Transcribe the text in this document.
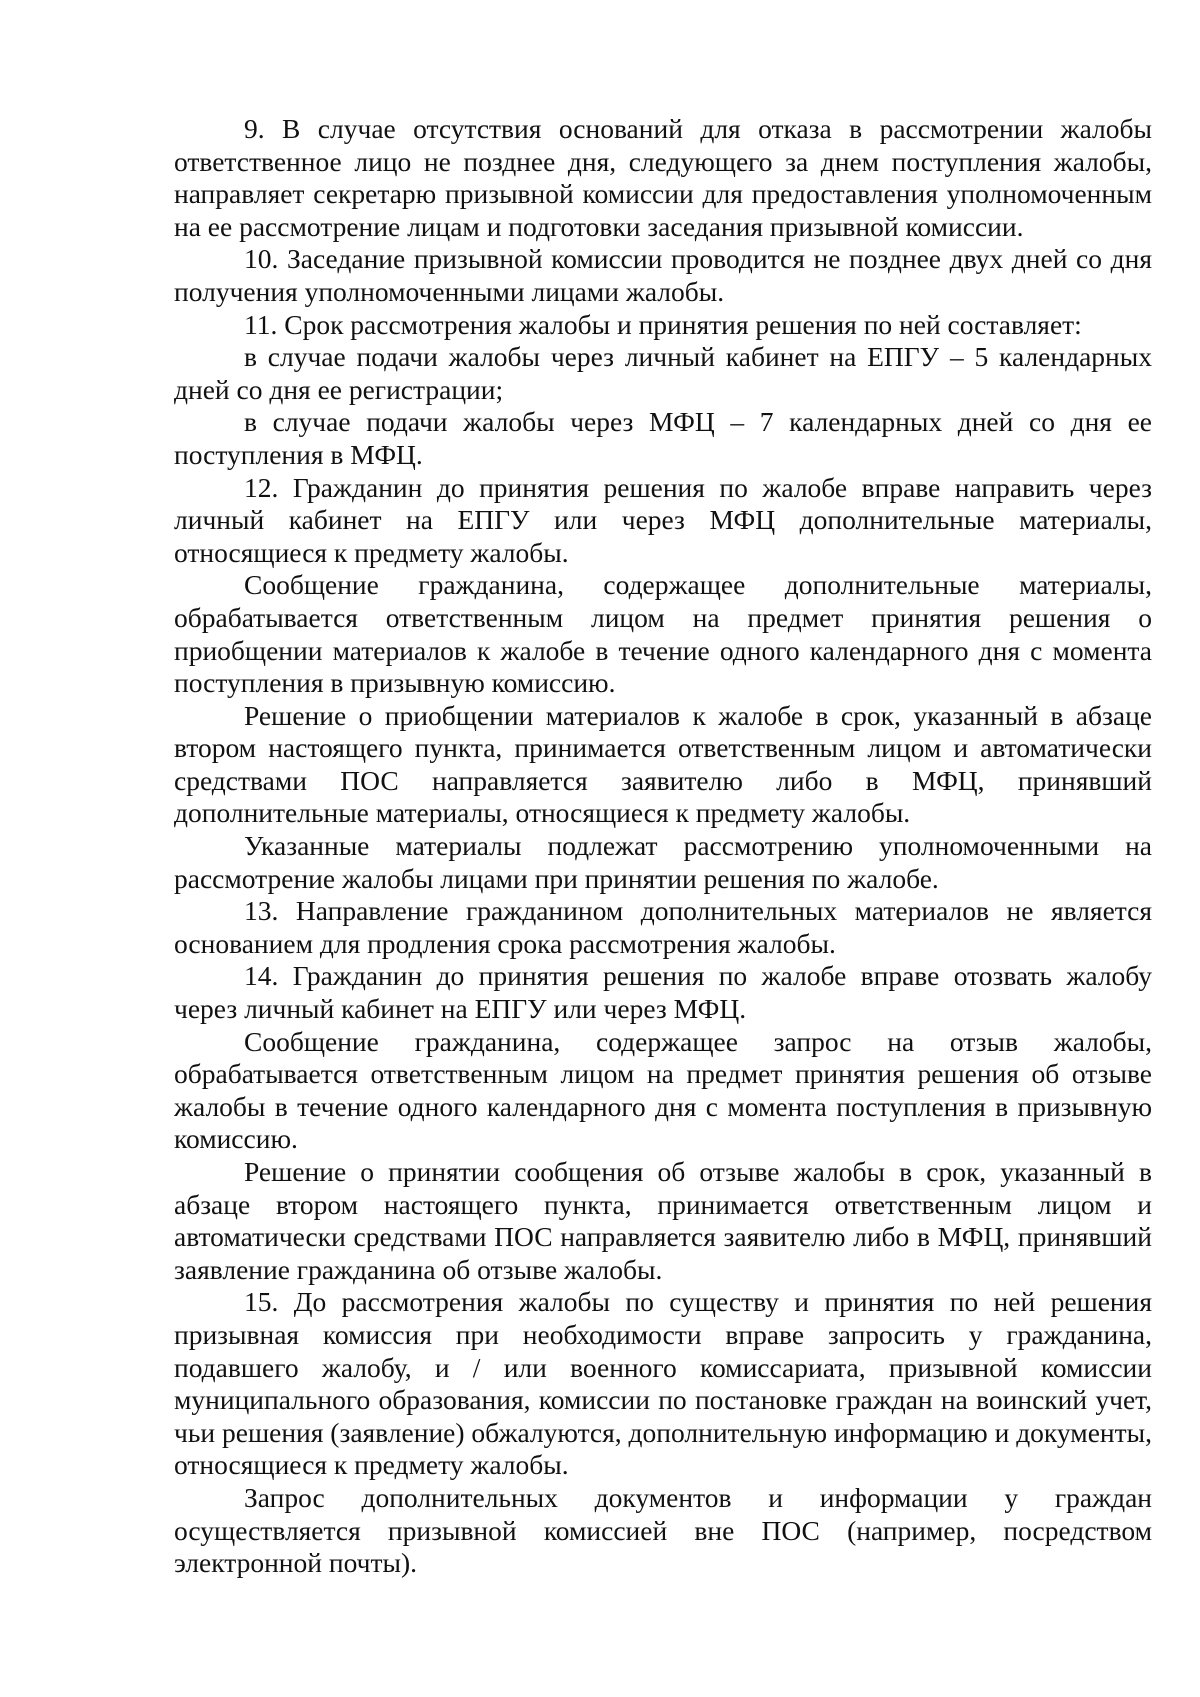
9. В случае отсутствия оснований для отказа в рассмотрении жалобы ответственное лицо не позднее дня, следующего за днем поступления жалобы, направляет секретарю призывной комиссии для предоставления уполномоченным на ее рассмотрение лицам и подготовки заседания призывной комиссии.

10. Заседание призывной комиссии проводится не позднее двух дней со дня получения уполномоченными лицами жалобы.

11. Срок рассмотрения жалобы и принятия решения по ней составляет:

в случае подачи жалобы через личный кабинет на ЕПГУ – 5 календарных дней со дня ее регистрации;

в случае подачи жалобы через МФЦ – 7 календарных дней со дня ее поступления в МФЦ.

12. Гражданин до принятия решения по жалобе вправе направить через личный кабинет на ЕПГУ или через МФЦ дополнительные материалы, относящиеся к предмету жалобы.

Сообщение гражданина, содержащее дополнительные материалы, обрабатывается ответственным лицом на предмет принятия решения о приобщении материалов к жалобе в течение одного календарного дня с момента поступления в призывную комиссию.

Решение о приобщении материалов к жалобе в срок, указанный в абзаце втором настоящего пункта, принимается ответственным лицом и автоматически средствами ПОС направляется заявителю либо в МФЦ, принявший дополнительные материалы, относящиеся к предмету жалобы.

Указанные материалы подлежат рассмотрению уполномоченными на рассмотрение жалобы лицами при принятии решения по жалобе.

13. Направление гражданином дополнительных материалов не является основанием для продления срока рассмотрения жалобы.

14. Гражданин до принятия решения по жалобе вправе отозвать жалобу через личный кабинет на ЕПГУ или через МФЦ.

Сообщение гражданина, содержащее запрос на отзыв жалобы, обрабатывается ответственным лицом на предмет принятия решения об отзыве жалобы в течение одного календарного дня с момента поступления в призывную комиссию.

Решение о принятии сообщения об отзыве жалобы в срок, указанный в абзаце втором настоящего пункта, принимается ответственным лицом и автоматически средствами ПОС направляется заявителю либо в МФЦ, принявший заявление гражданина об отзыве жалобы.

15. До рассмотрения жалобы по существу и принятия по ней решения призывная комиссия при необходимости вправе запросить у гражданина, подавшего жалобу, и / или военного комиссариата, призывной комиссии муниципального образования, комиссии по постановке граждан на воинский учет, чьи решения (заявление) обжалуются, дополнительную информацию и документы, относящиеся к предмету жалобы.

Запрос дополнительных документов и информации у граждан осуществляется призывной комиссией вне ПОС (например, посредством электронной почты).
